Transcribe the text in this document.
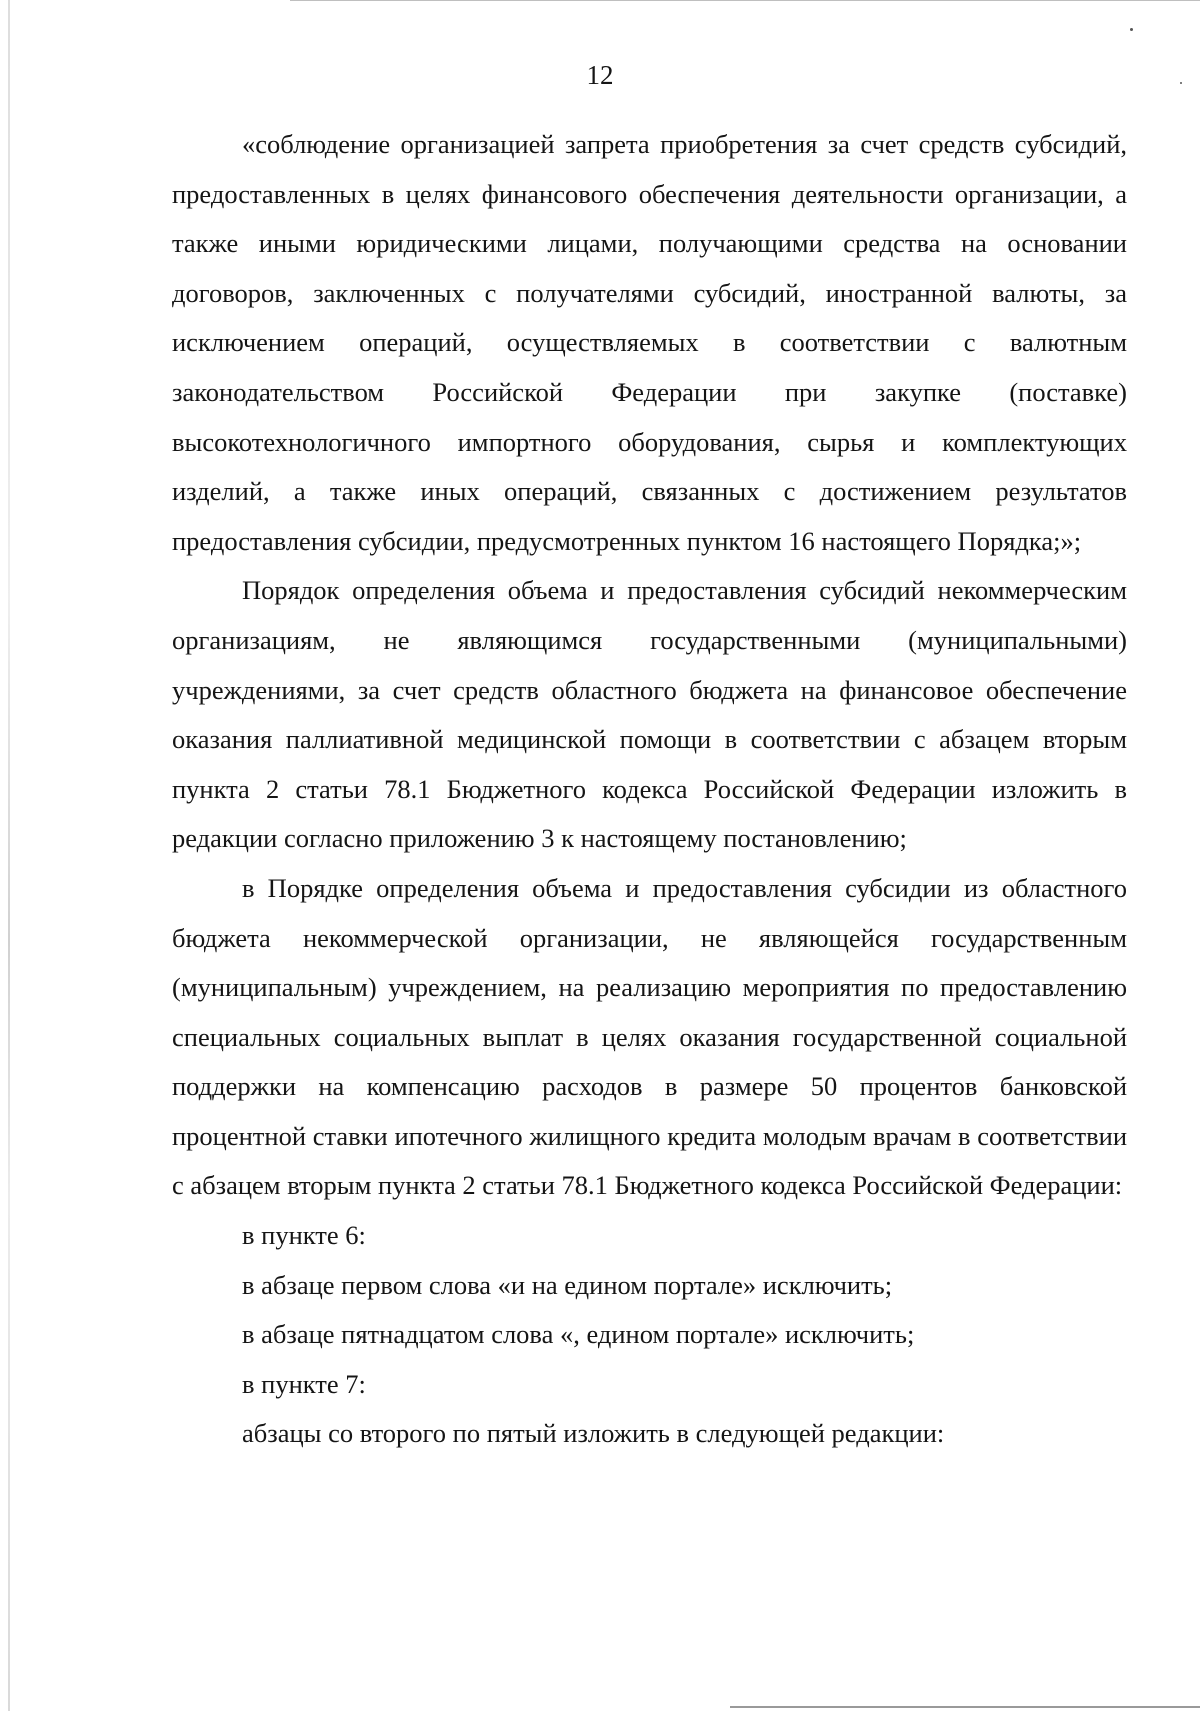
12

«соблюдение организацией запрета приобретения за счет средств субсидий, предоставленных в целях финансового обеспечения деятельности организации, а также иными юридическими лицами, получающими средства на основании договоров, заключенных с получателями субсидий, иностранной валюты, за исключением операций, осуществляемых в соответствии с валютным законодательством Российской Федерации при закупке (поставке) высокотехнологичного импортного оборудования, сырья и комплектующих изделий, а также иных операций, связанных с достижением результатов предоставления субсидии, предусмотренных пунктом 16 настоящего Порядка;»;

Порядок определения объема и предоставления субсидий некоммерческим организациям, не являющимся государственными (муниципальными) учреждениями, за счет средств областного бюджета на финансовое обеспечение оказания паллиативной медицинской помощи в соответствии с абзацем вторым пункта 2 статьи 78.1 Бюджетного кодекса Российской Федерации изложить в редакции согласно приложению 3 к настоящему постановлению;

в Порядке определения объема и предоставления субсидии из областного бюджета некоммерческой организации, не являющейся государственным (муниципальным) учреждением, на реализацию мероприятия по предоставлению специальных социальных выплат в целях оказания государственной социальной поддержки на компенсацию расходов в размере 50 процентов банковской процентной ставки ипотечного жилищного кредита молодым врачам в соответствии с абзацем вторым пункта 2 статьи 78.1 Бюджетного кодекса Российской Федерации:

в пункте 6:

в абзаце первом слова «и на едином портале» исключить;

в абзаце пятнадцатом слова «, едином портале» исключить;

в пункте 7:

абзацы со второго по пятый изложить в следующей редакции:
